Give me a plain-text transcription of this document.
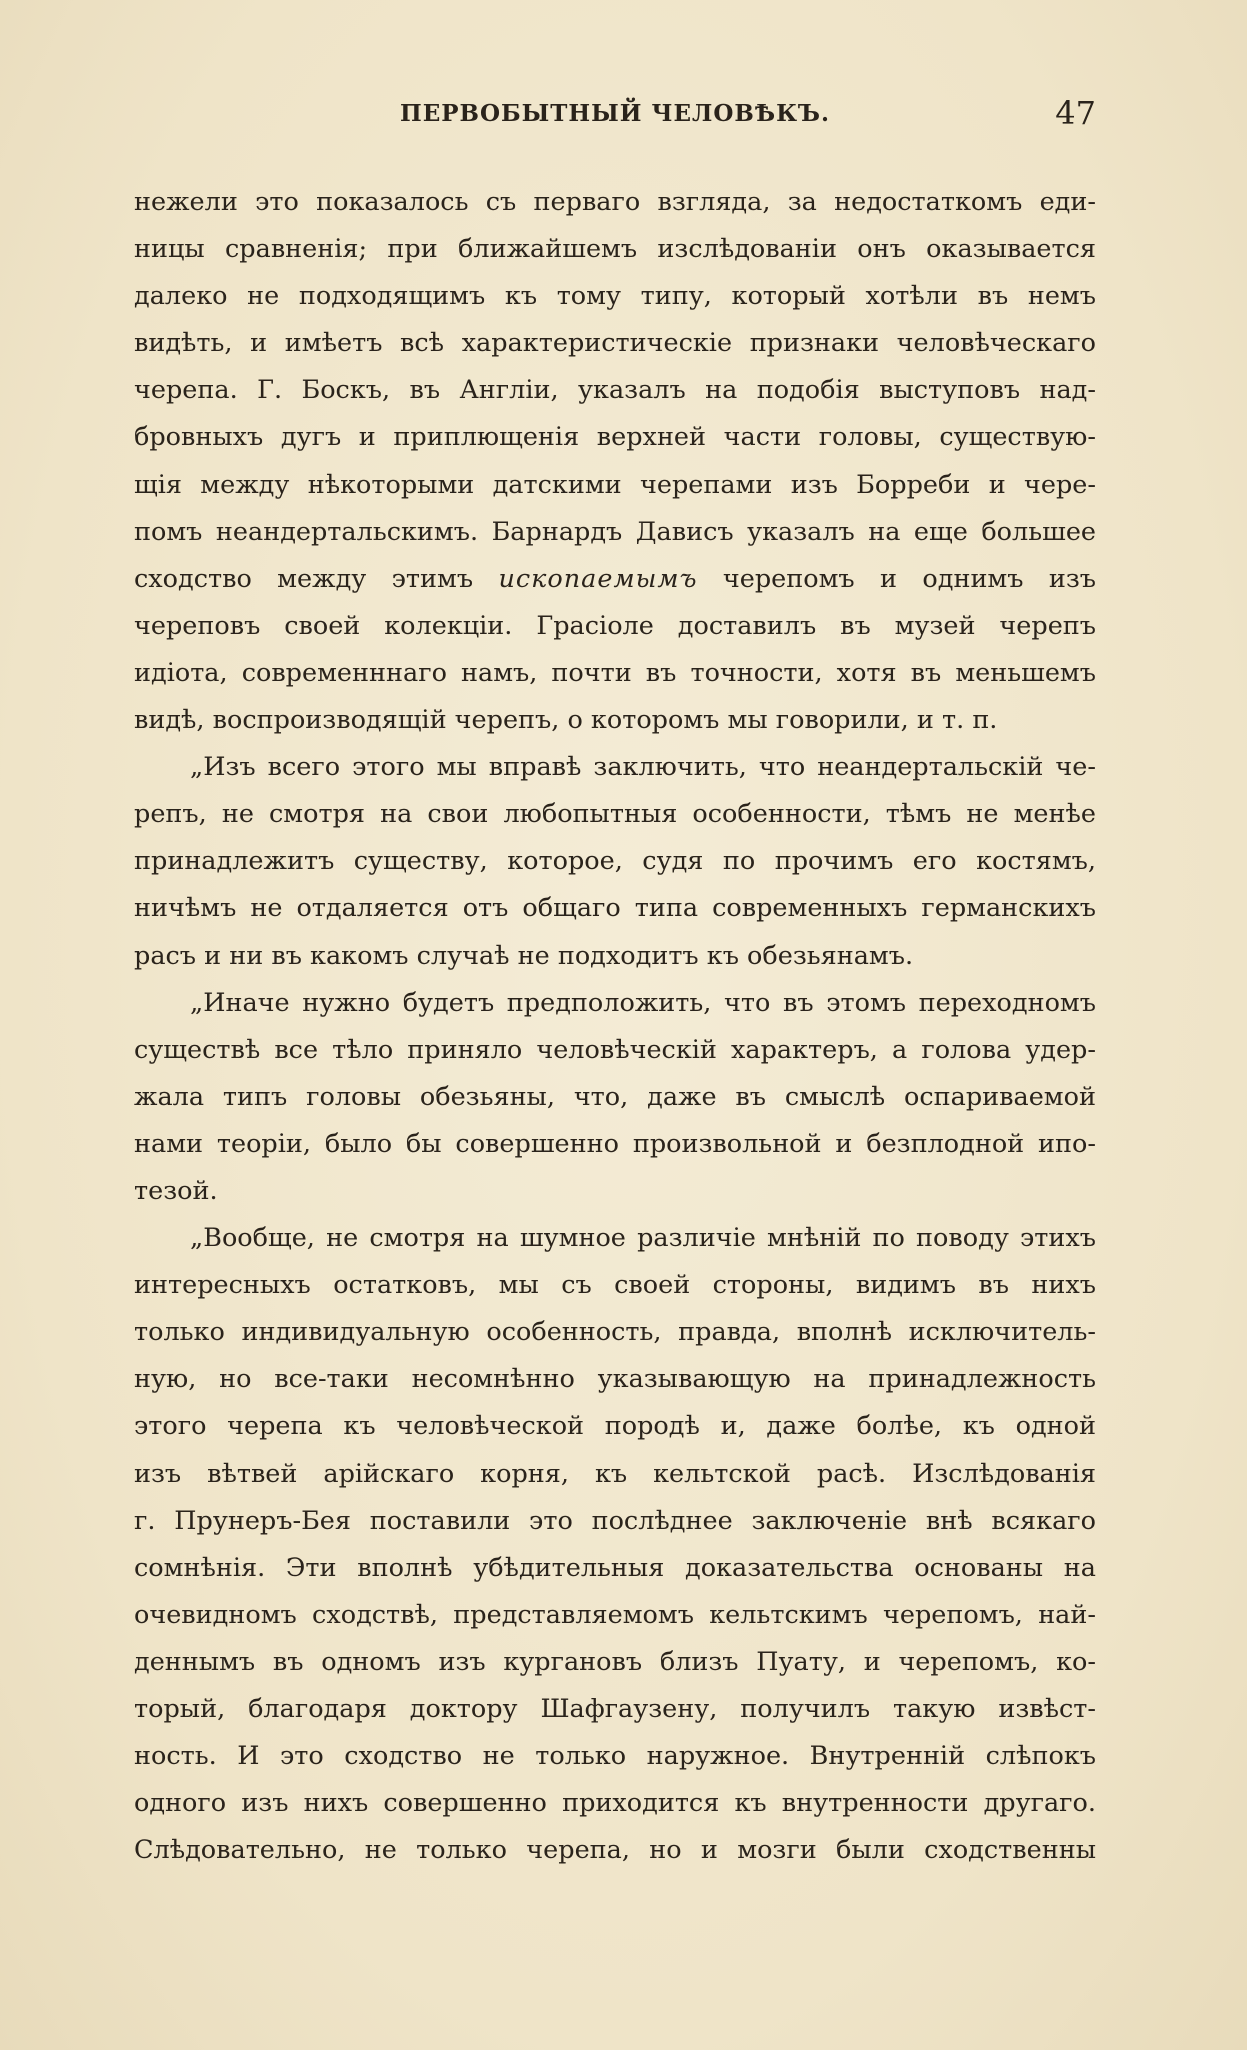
ПЕРВОБЫТНЫЙ ЧЕЛОВѢКЪ.	47
нежели это показалось съ перваго взгляда, за недостаткомъ еди-
ницы сравненія; при ближайшемъ изслѣдованіи онъ оказывается
далеко не подходящимъ къ тому типу, который хотѣли въ немъ
видѣть, и имѣетъ всѣ характеристическіе признаки человѣческаго
черепа. Г. Боскъ, въ Англіи, указалъ на подобія выступовъ над-
бровныхъ дугъ и приплющенія верхней части головы, существую-
щія между нѣкоторыми датскими черепами изъ Борреби и чере-
помъ неандертальскимъ. Барнардъ Дависъ указалъ на еще большее
сходство между этимъ ископаемымъ черепомъ и однимъ изъ
череповъ своей колекціи. Грасіоле доставилъ въ музей черепъ
идіота, современннаго намъ, почти въ точности, хотя въ меньшемъ
видѣ, воспроизводящій черепъ, о которомъ мы говорили, и т. п.
„Изъ всего этого мы вправѣ заключить, что неандертальскій че-
репъ, не смотря на свои любопытныя особенности, тѣмъ не менѣе
принадлежитъ существу, которое, судя по прочимъ его костямъ,
ничѣмъ не отдаляется отъ общаго типа современныхъ германскихъ
расъ и ни въ какомъ случаѣ не подходитъ къ обезьянамъ.
„Иначе нужно будетъ предположить, что въ этомъ переходномъ
существѣ все тѣло приняло человѣческій характеръ, а голова удер-
жала типъ головы обезьяны, что, даже въ смыслѣ оспариваемой
нами теоріи, было бы совершенно произвольной и безплодной ипо-
тезой.
„Вообще, не смотря на шумное различіе мнѣній по поводу этихъ
интересныхъ остатковъ, мы съ своей стороны, видимъ въ нихъ
только индивидуальную особенность, правда, вполнѣ исключитель-
ную, но все-таки несомнѣнно указывающую на принадлежность
этого черепа къ человѣческой породѣ и, даже болѣе, къ одной
изъ вѣтвей арійскаго корня, къ кельтской расѣ. Изслѣдованія
г. Прунеръ-Бея поставили это послѣднее заключеніе внѣ всякаго
сомнѣнія. Эти вполнѣ убѣдительныя доказательства основаны на
очевидномъ сходствѣ, представляемомъ кельтскимъ черепомъ, най-
деннымъ въ одномъ изъ кургановъ близъ Пуату, и черепомъ, ко-
торый, благодаря доктору Шафгаузену, получилъ такую извѣст-
ность. И это сходство не только наружное. Внутренній слѣпокъ
одного изъ нихъ совершенно приходится къ внутренности другаго.
Слѣдовательно, не только черепа, но и мозги были сходственны
